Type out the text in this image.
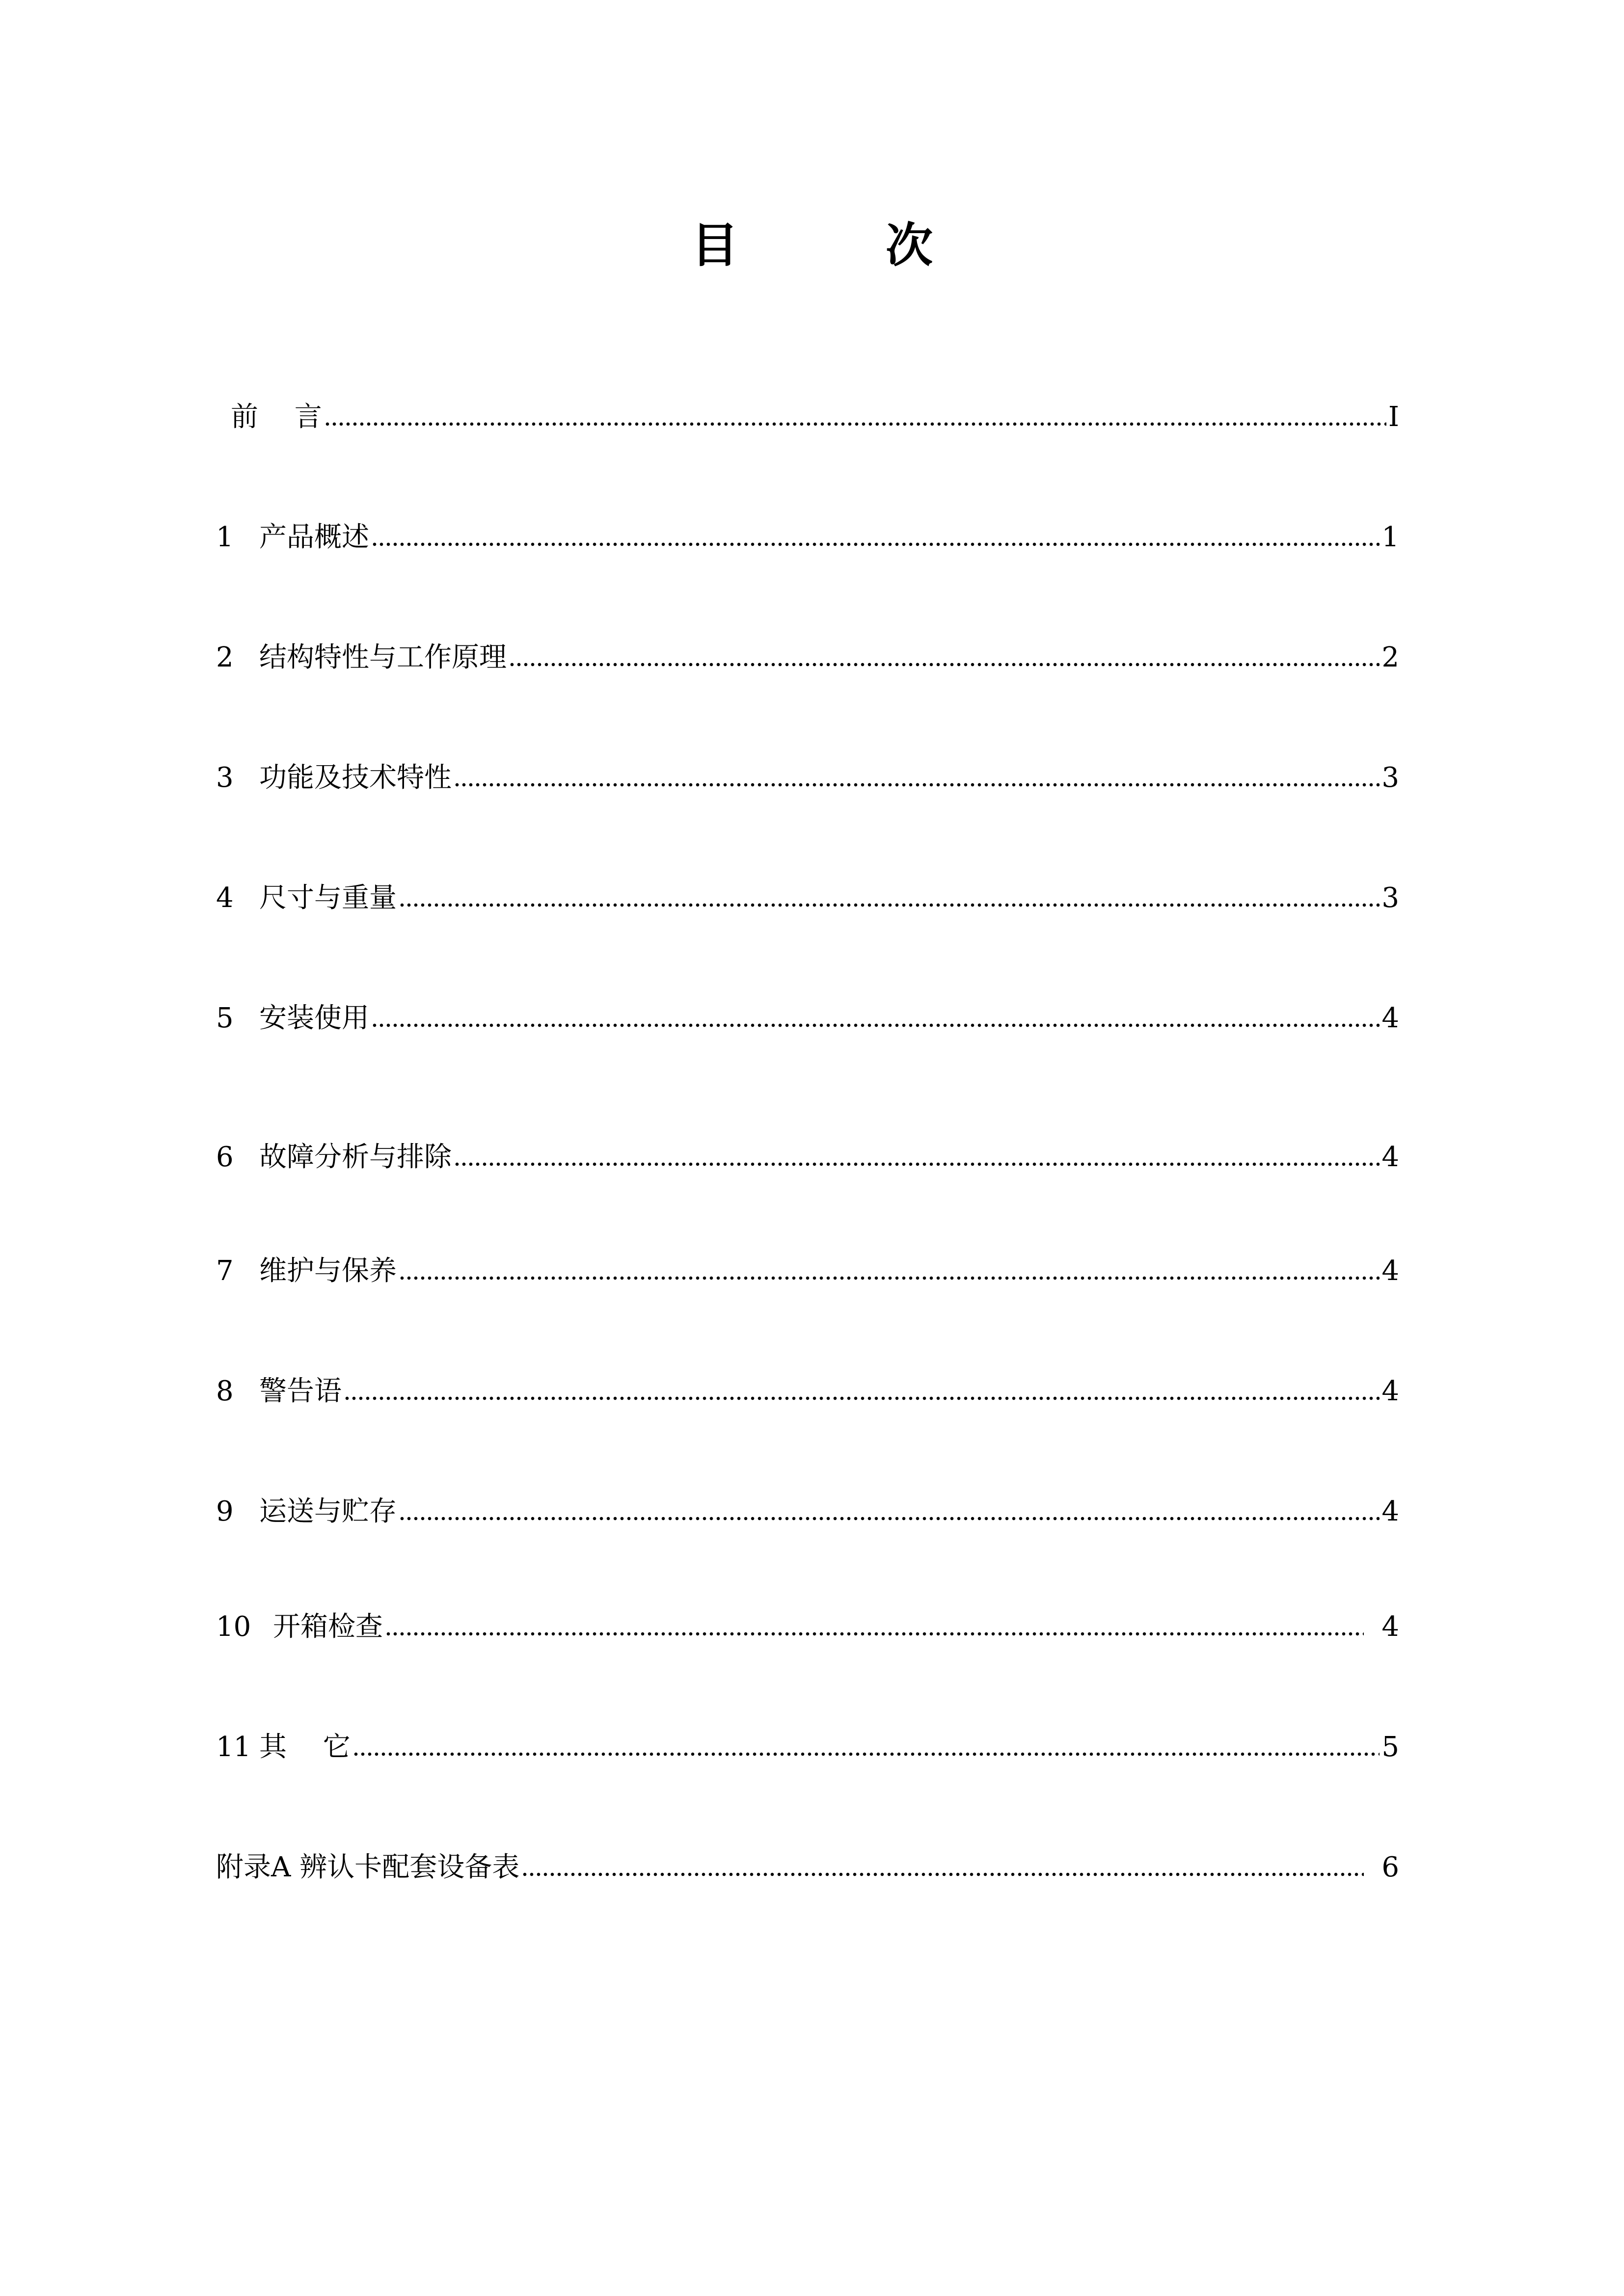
目	次
前　 言	I
1 产品概述	1
2 结构特性与工作原理	2
3 功能及技术特性	3
4 尺寸与重量	3
5 安装使用	4
6 故障分析与排除	4
7 维护与保养	4
8 警告语	4
9 运送与贮存	4
10 开箱检查	4
11 其　 它	5
附录A 辨认卡配套设备表	6
